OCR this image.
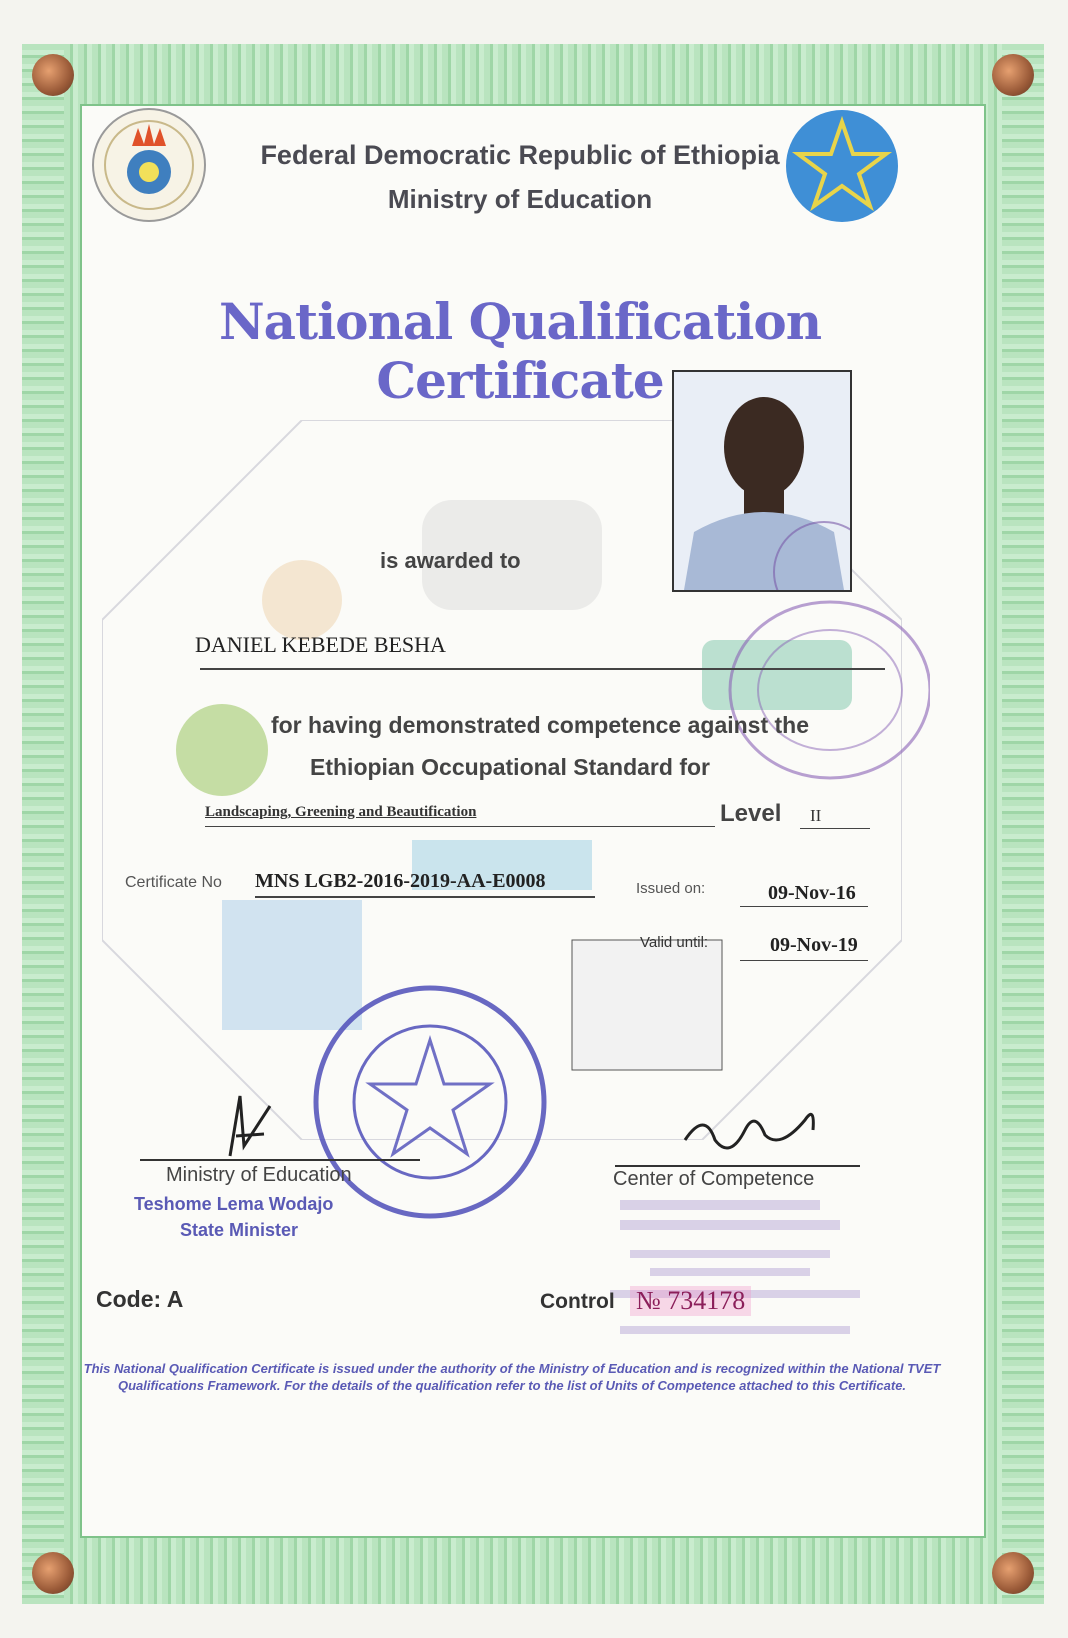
Federal Democratic Republic of Ethiopia
Ministry of Education
National Qualification Certificate
is awarded to
DANIEL KEBEDE BESHA
for having demonstrated competence against the
Ethiopian Occupational Standard for
Landscaping, Greening and Beautification	Level II
Certificate No MNS LGB2-2016-2019-AA-E0008	Issued on:	09-Nov-16
Valid until:	09-Nov-19
Ministry of Education
Teshome Lema Wodajo
State Minister
Center of Competence
Code: A	Control № 734178
This National Qualification Certificate is issued under the authority of the Ministry of Education and is recognized within the National TVET Qualifications Framework. For the details of the qualification refer to the list of Units of Competence attached to this Certificate.
